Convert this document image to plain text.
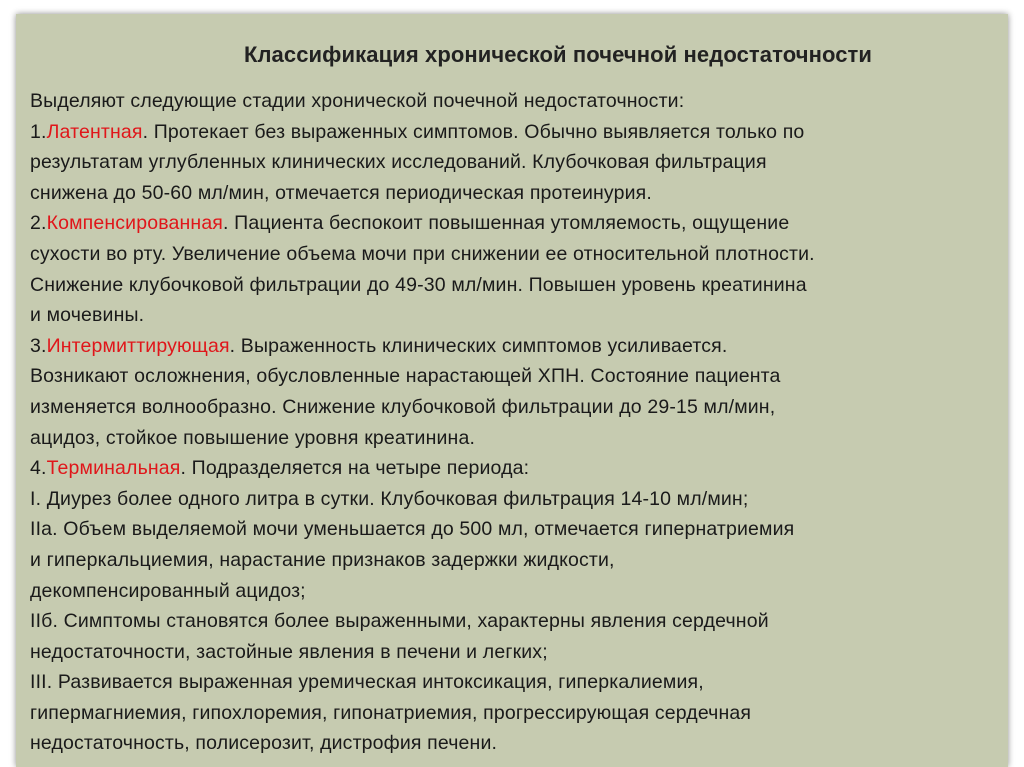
Классификация хронической почечной недостаточности
Выделяют следующие стадии хронической почечной недостаточности:
1.Латентная. Протекает без выраженных симптомов. Обычно выявляется только по
результатам углубленных клинических исследований. Клубочковая фильтрация
снижена до 50-60 мл/мин, отмечается периодическая протеинурия.
2.Компенсированная. Пациента беспокоит повышенная утомляемость, ощущение
сухости во рту. Увеличение объема мочи при снижении ее относительной плотности.
Снижение клубочковой фильтрации до 49-30 мл/мин. Повышен уровень креатинина
и мочевины.
3.Интермиттирующая. Выраженность клинических симптомов усиливается.
Возникают осложнения, обусловленные нарастающей ХПН. Состояние пациента
изменяется волнообразно. Снижение клубочковой фильтрации до 29-15 мл/мин,
ацидоз, стойкое повышение уровня креатинина.
4.Терминальная. Подразделяется на четыре периода:
I. Диурез более одного литра в сутки. Клубочковая фильтрация 14-10 мл/мин;
IIа. Объем выделяемой мочи уменьшается до 500 мл, отмечается гипернатриемия
и гиперкальциемия, нарастание признаков задержки жидкости,
декомпенсированный ацидоз;
IIб. Симптомы становятся более выраженными, характерны явления сердечной
недостаточности, застойные явления в печени и легких;
III. Развивается выраженная уремическая интоксикация, гиперкалиемия,
гипермагниемия, гипохлоремия, гипонатриемия, прогрессирующая сердечная
недостаточность, полисерозит, дистрофия печени.
